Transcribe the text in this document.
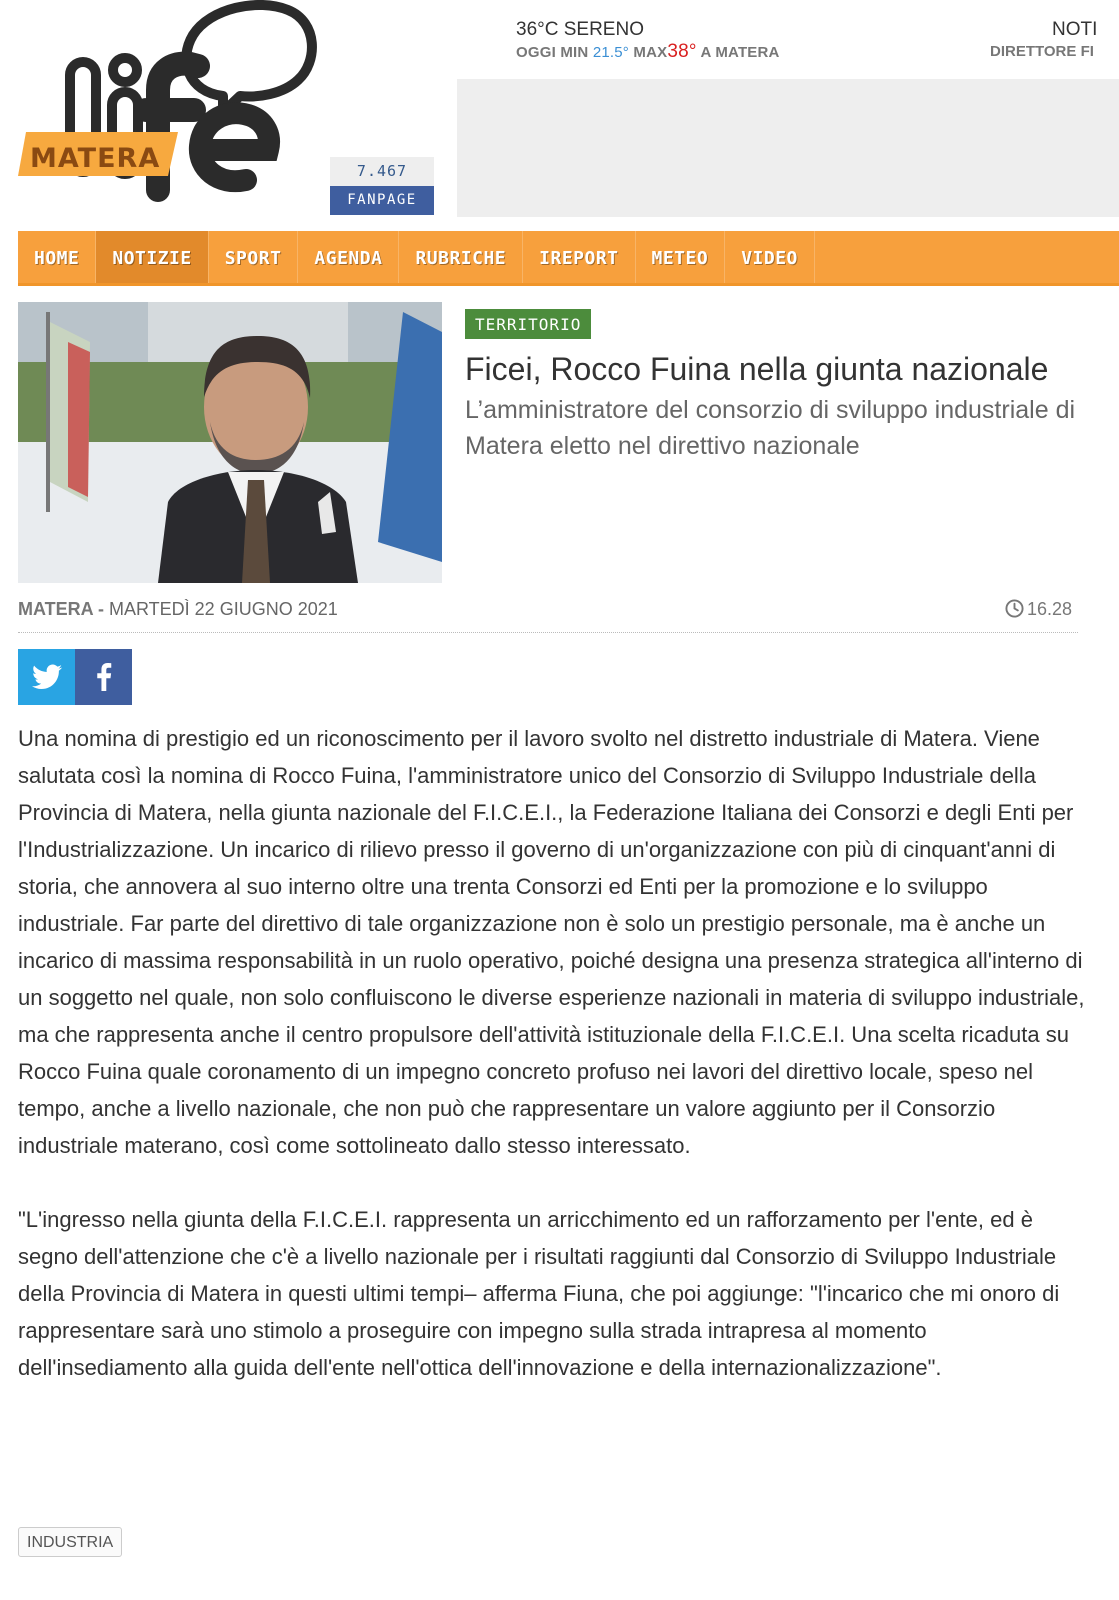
MATERA	7.467
FANPAGE
36°C SERENO
OGGI MIN 21.5° MAX38° A MATERA
NOTI
DIRETTORE FI
HOME	NOTIZIE	SPORT	AGENDA	RUBRICHE	IREPORT	METEO	VIDEO
TERRITORIO
Ficei, Rocco Fuina nella giunta nazionale
L’amministratore del consorzio di sviluppo industriale di Matera eletto nel direttivo nazionale
MATERA - MARTEDÌ 22 GIUGNO 2021	16.28

Una nomina di prestigio ed un riconoscimento per il lavoro svolto nel distretto industriale di Matera. Viene salutata così la nomina di Rocco Fuina, l'amministratore unico del Consorzio di Sviluppo Industriale della Provincia di Matera, nella giunta nazionale del F.I.C.E.I., la Federazione Italiana dei Consorzi e degli Enti per l'Industrializzazione. Un incarico di rilievo presso il governo di un'organizzazione con più di cinquant'anni di storia, che annovera al suo interno oltre una trenta Consorzi ed Enti per la promozione e lo sviluppo industriale. Far parte del direttivo di tale organizzazione non è solo un prestigio personale, ma è anche un incarico di massima responsabilità in un ruolo operativo, poiché designa una presenza strategica all'interno di un soggetto nel quale, non solo confluiscono le diverse esperienze nazionali in materia di sviluppo industriale, ma che rappresenta anche il centro propulsore dell'attività istituzionale della F.I.C.E.I. Una scelta ricaduta su Rocco Fuina quale coronamento di un impegno concreto profuso nei lavori del direttivo locale, speso nel tempo, anche a livello nazionale, che non può che rappresentare un valore aggiunto per il Consorzio industriale materano, così come sottolineato dallo stesso interessato.

"L'ingresso nella giunta della F.I.C.E.I. rappresenta un arricchimento ed un rafforzamento per l'ente, ed è segno dell'attenzione che c'è a livello nazionale per i risultati raggiunti dal Consorzio di Sviluppo Industriale della Provincia di Matera in questi ultimi tempi– afferma Fiuna, che poi aggiunge: "l'incarico che mi onoro di rappresentare sarà uno stimolo a proseguire con impegno sulla strada intrapresa al momento dell'insediamento alla guida dell'ente nell'ottica dell'innovazione e della internazionalizzazione".

INDUSTRIA
